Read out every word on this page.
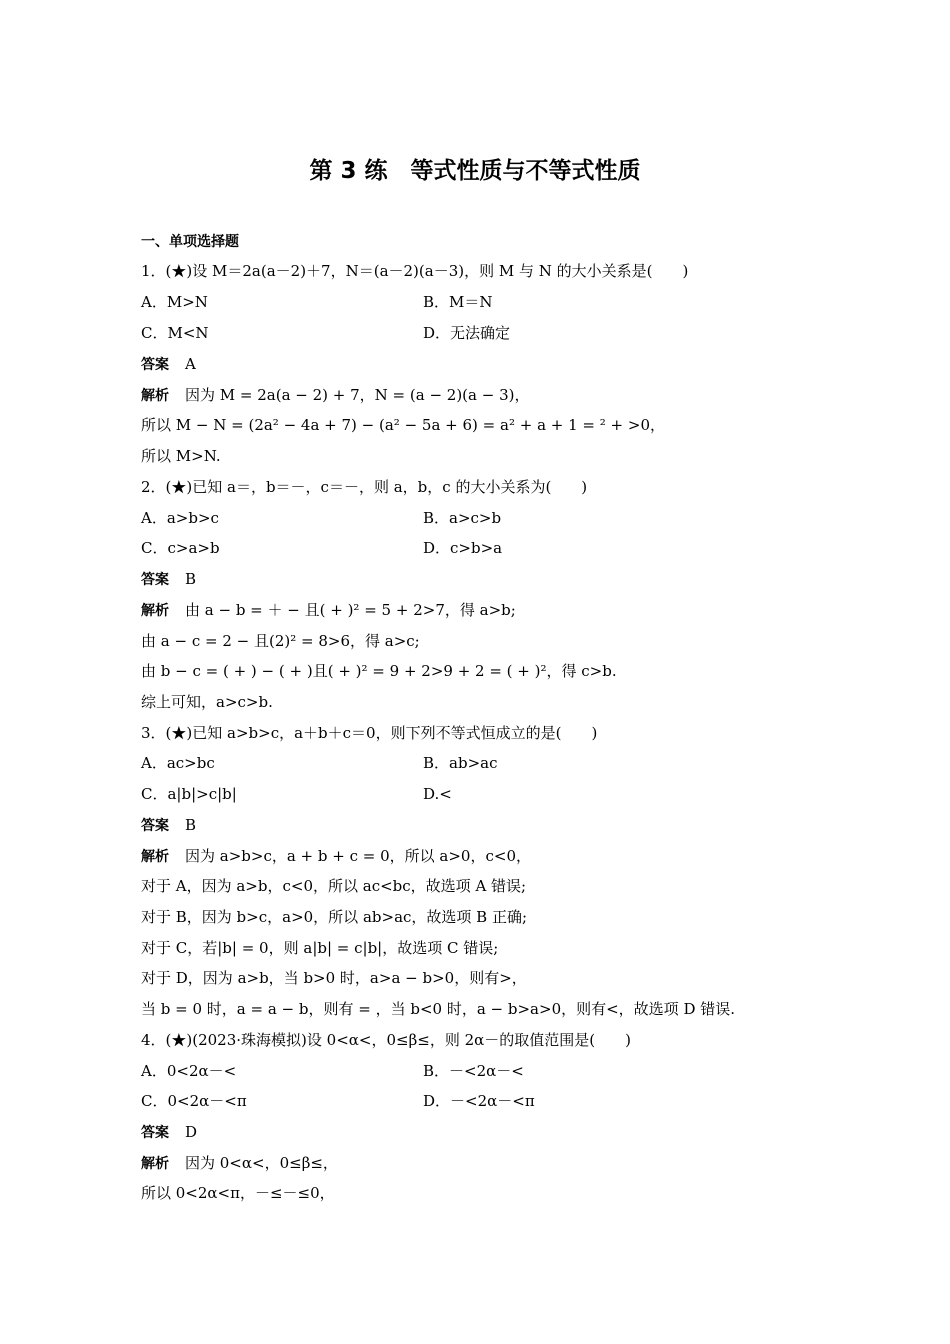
第 3 练　等式性质与不等式性质
一、单项选择题
1．(★)设 M＝2a(a－2)＋7，N＝(a－2)(a－3)，则 M 与 N 的大小关系是(　　)
A．M>N	B．M＝N
C．M<N	D．无法确定
答案 A
解析 因为 M = 2a(a − 2) + 7，N = (a − 2)(a − 3)，
所以 M − N = (2a² − 4a + 7) − (a² − 5a + 6) = a² + a + 1 = ² + >0，
所以 M>N.
2．(★)已知 a＝，b＝－，c＝－，则 a，b，c 的大小关系为(　　)
A．a>b>c	B．a>c>b
C．c>a>b	D．c>b>a
答案 B
解析 由 a − b = ＋ − 且( + )² = 5 + 2>7，得 a>b;
由 a − c = 2 − 且(2)² = 8>6，得 a>c;
由 b − c = ( + ) − ( + )且( + )² = 9 + 2>9 + 2 = ( + )²，得 c>b.
综上可知，a>c>b.
3．(★)已知 a>b>c，a＋b＋c＝0，则下列不等式恒成立的是(　　)
A．ac>bc	B．ab>ac
C．a|b|>c|b|	D.<
答案 B
解析 因为 a>b>c，a + b + c = 0，所以 a>0，c<0，
对于 A，因为 a>b，c<0，所以 ac<bc，故选项 A 错误;
对于 B，因为 b>c，a>0，所以 ab>ac，故选项 B 正确;
对于 C，若|b| = 0，则 a|b| = c|b|，故选项 C 错误;
对于 D，因为 a>b，当 b>0 时，a>a − b>0，则有>，
当 b = 0 时，a = a − b，则有 = ，当 b<0 时，a − b>a>0，则有<，故选项 D 错误.
4．(★)(2023·珠海模拟)设 0<α<，0≤β≤，则 2α－的取值范围是(　　)
A．0<2α－<	B．－<2α－<
C．0<2α－<π	D．－<2α－<π
答案 D
解析 因为 0<α<，0≤β≤，
所以 0<2α<π，－≤－≤0，
